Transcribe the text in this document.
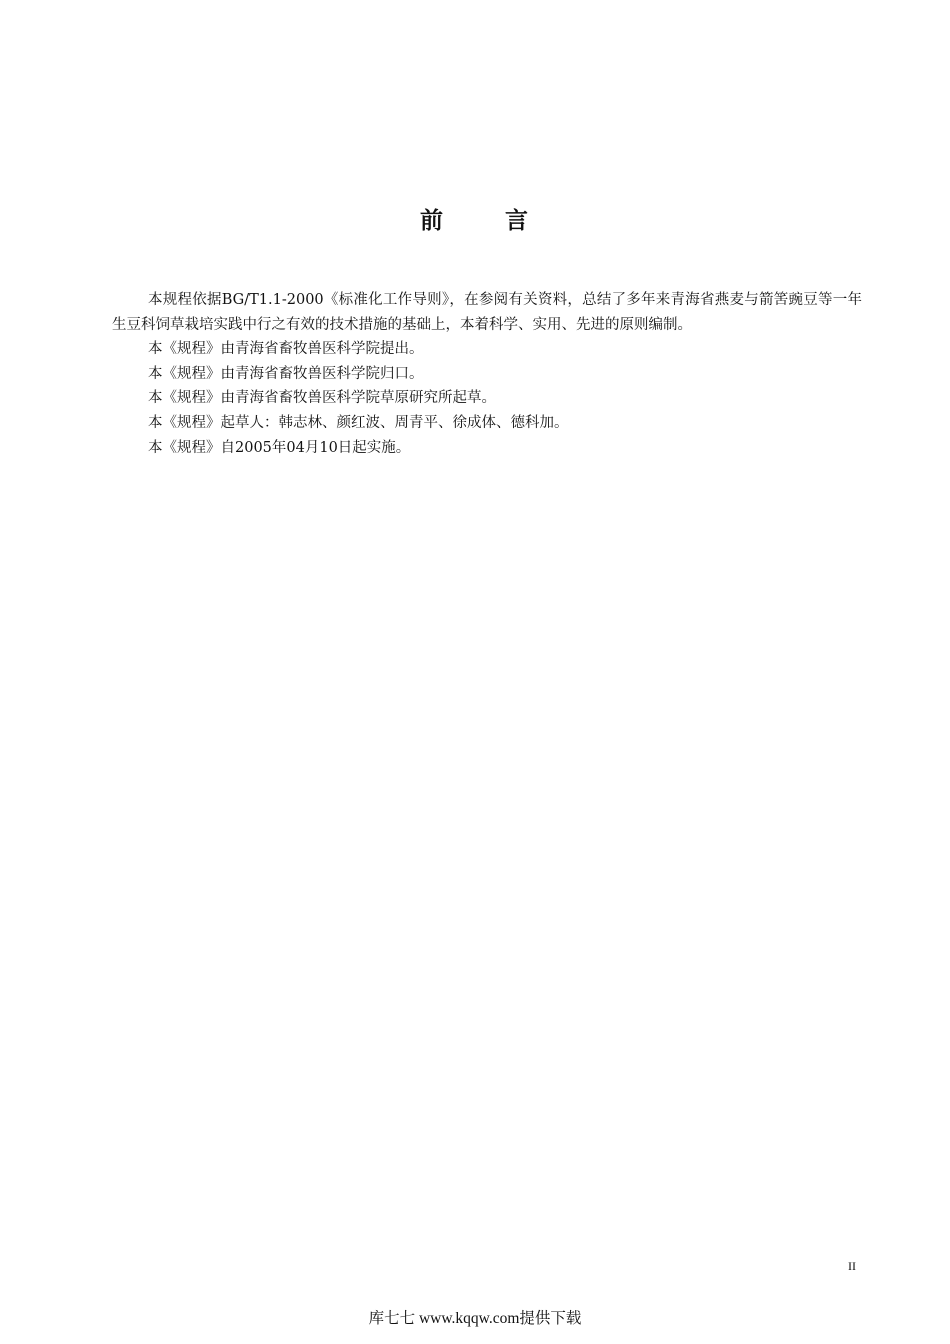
前	言

本规程依据BG/T1.1-2000《标准化工作导则》，在参阅有关资料，总结了多年来青海省燕麦与箭筈豌豆等一年生豆科饲草栽培实践中行之有效的技术措施的基础上，本着科学、实用、先进的原则编制。

本《规程》由青海省畜牧兽医科学院提出。

本《规程》由青海省畜牧兽医科学院归口。

本《规程》由青海省畜牧兽医科学院草原研究所起草。

本《规程》起草人：韩志林、颜红波、周青平、徐成体、德科加。

本《规程》自2005年04月10日起实施。

II
库七七 www.kqqw.com提供下载
